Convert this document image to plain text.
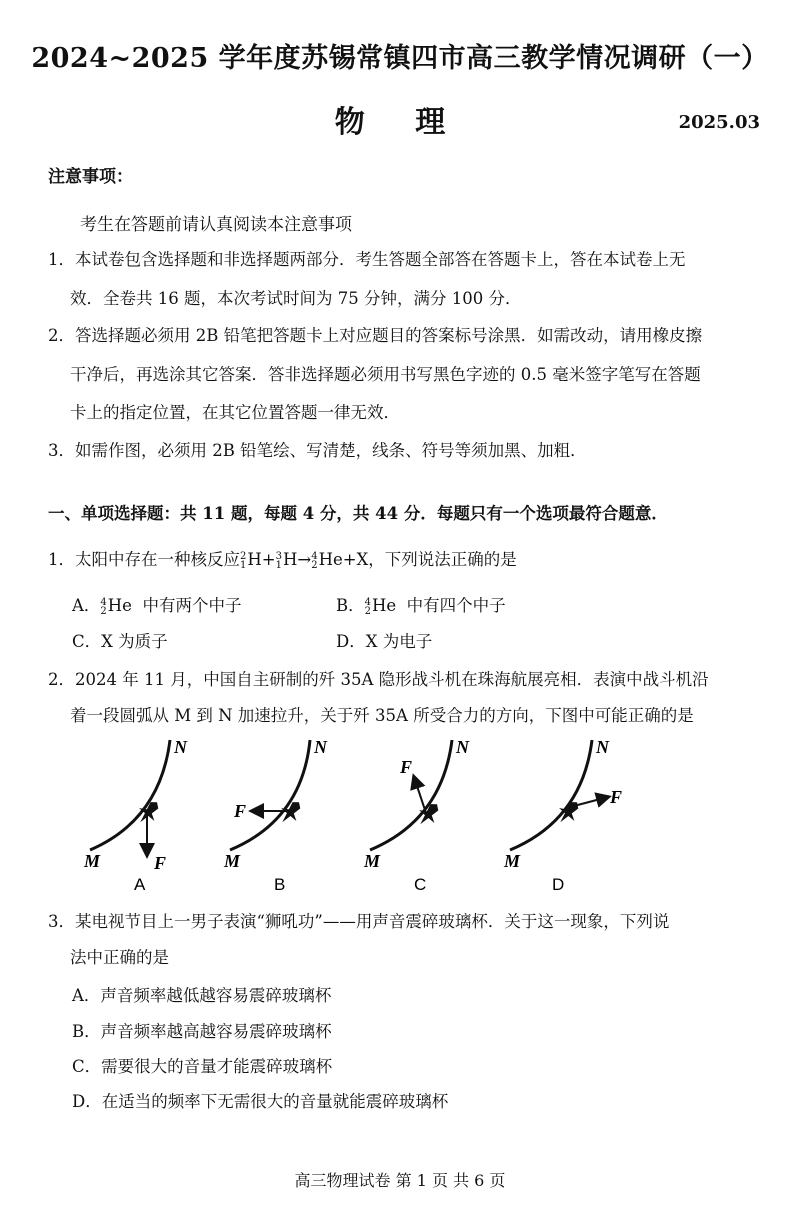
2024~2025 学年度苏锡常镇四市高三教学情况调研（一）
物 理	2025.03
注意事项：
考生在答题前请认真阅读本注意事项
1．本试卷包含选择题和非选择题两部分．考生答题全部答在答题卡上，答在本试卷上无
效．全卷共 16 题，本次考试时间为 75 分钟，满分 100 分．
2．答选择题必须用 2B 铅笔把答题卡上对应题目的答案标号涂黑．如需改动，请用橡皮擦
干净后，再选涂其它答案．答非选择题必须用书写黑色字迹的 0.5 毫米签字笔写在答题
卡上的指定位置，在其它位置答题一律无效．
3．如需作图，必须用 2B 铅笔绘、写清楚，线条、符号等须加黑、加粗．
一、单项选择题：共 11 题，每题 4 分，共 44 分．每题只有一个选项最符合题意．
1．太阳中存在一种核反应2
1H+3
1H→4
2He+X，下列说法正确的是
A．4
2He 中有两个中子	B．4
2He 中有四个中子
C．X 为质子	D．X 为电子
2．2024 年 11 月，中国自主研制的歼 35A 隐形战斗机在珠海航展亮相．表演中战斗机沿
着一段圆弧从 M 到 N 加速拉升，关于歼 35A 所受合力的方向，下图中可能正确的是
M
N
F
A
M
N
F
B
F
M
N
C
F
M
N
D
3．某电视节目上一男子表演“狮吼功”——用声音震碎玻璃杯．关于这一现象，下列说
法中正确的是
A．声音频率越低越容易震碎玻璃杯
B．声音频率越高越容易震碎玻璃杯
C．需要很大的音量才能震碎玻璃杯
D．在适当的频率下无需很大的音量就能震碎玻璃杯
高三物理试卷 第 1 页 共 6 页
